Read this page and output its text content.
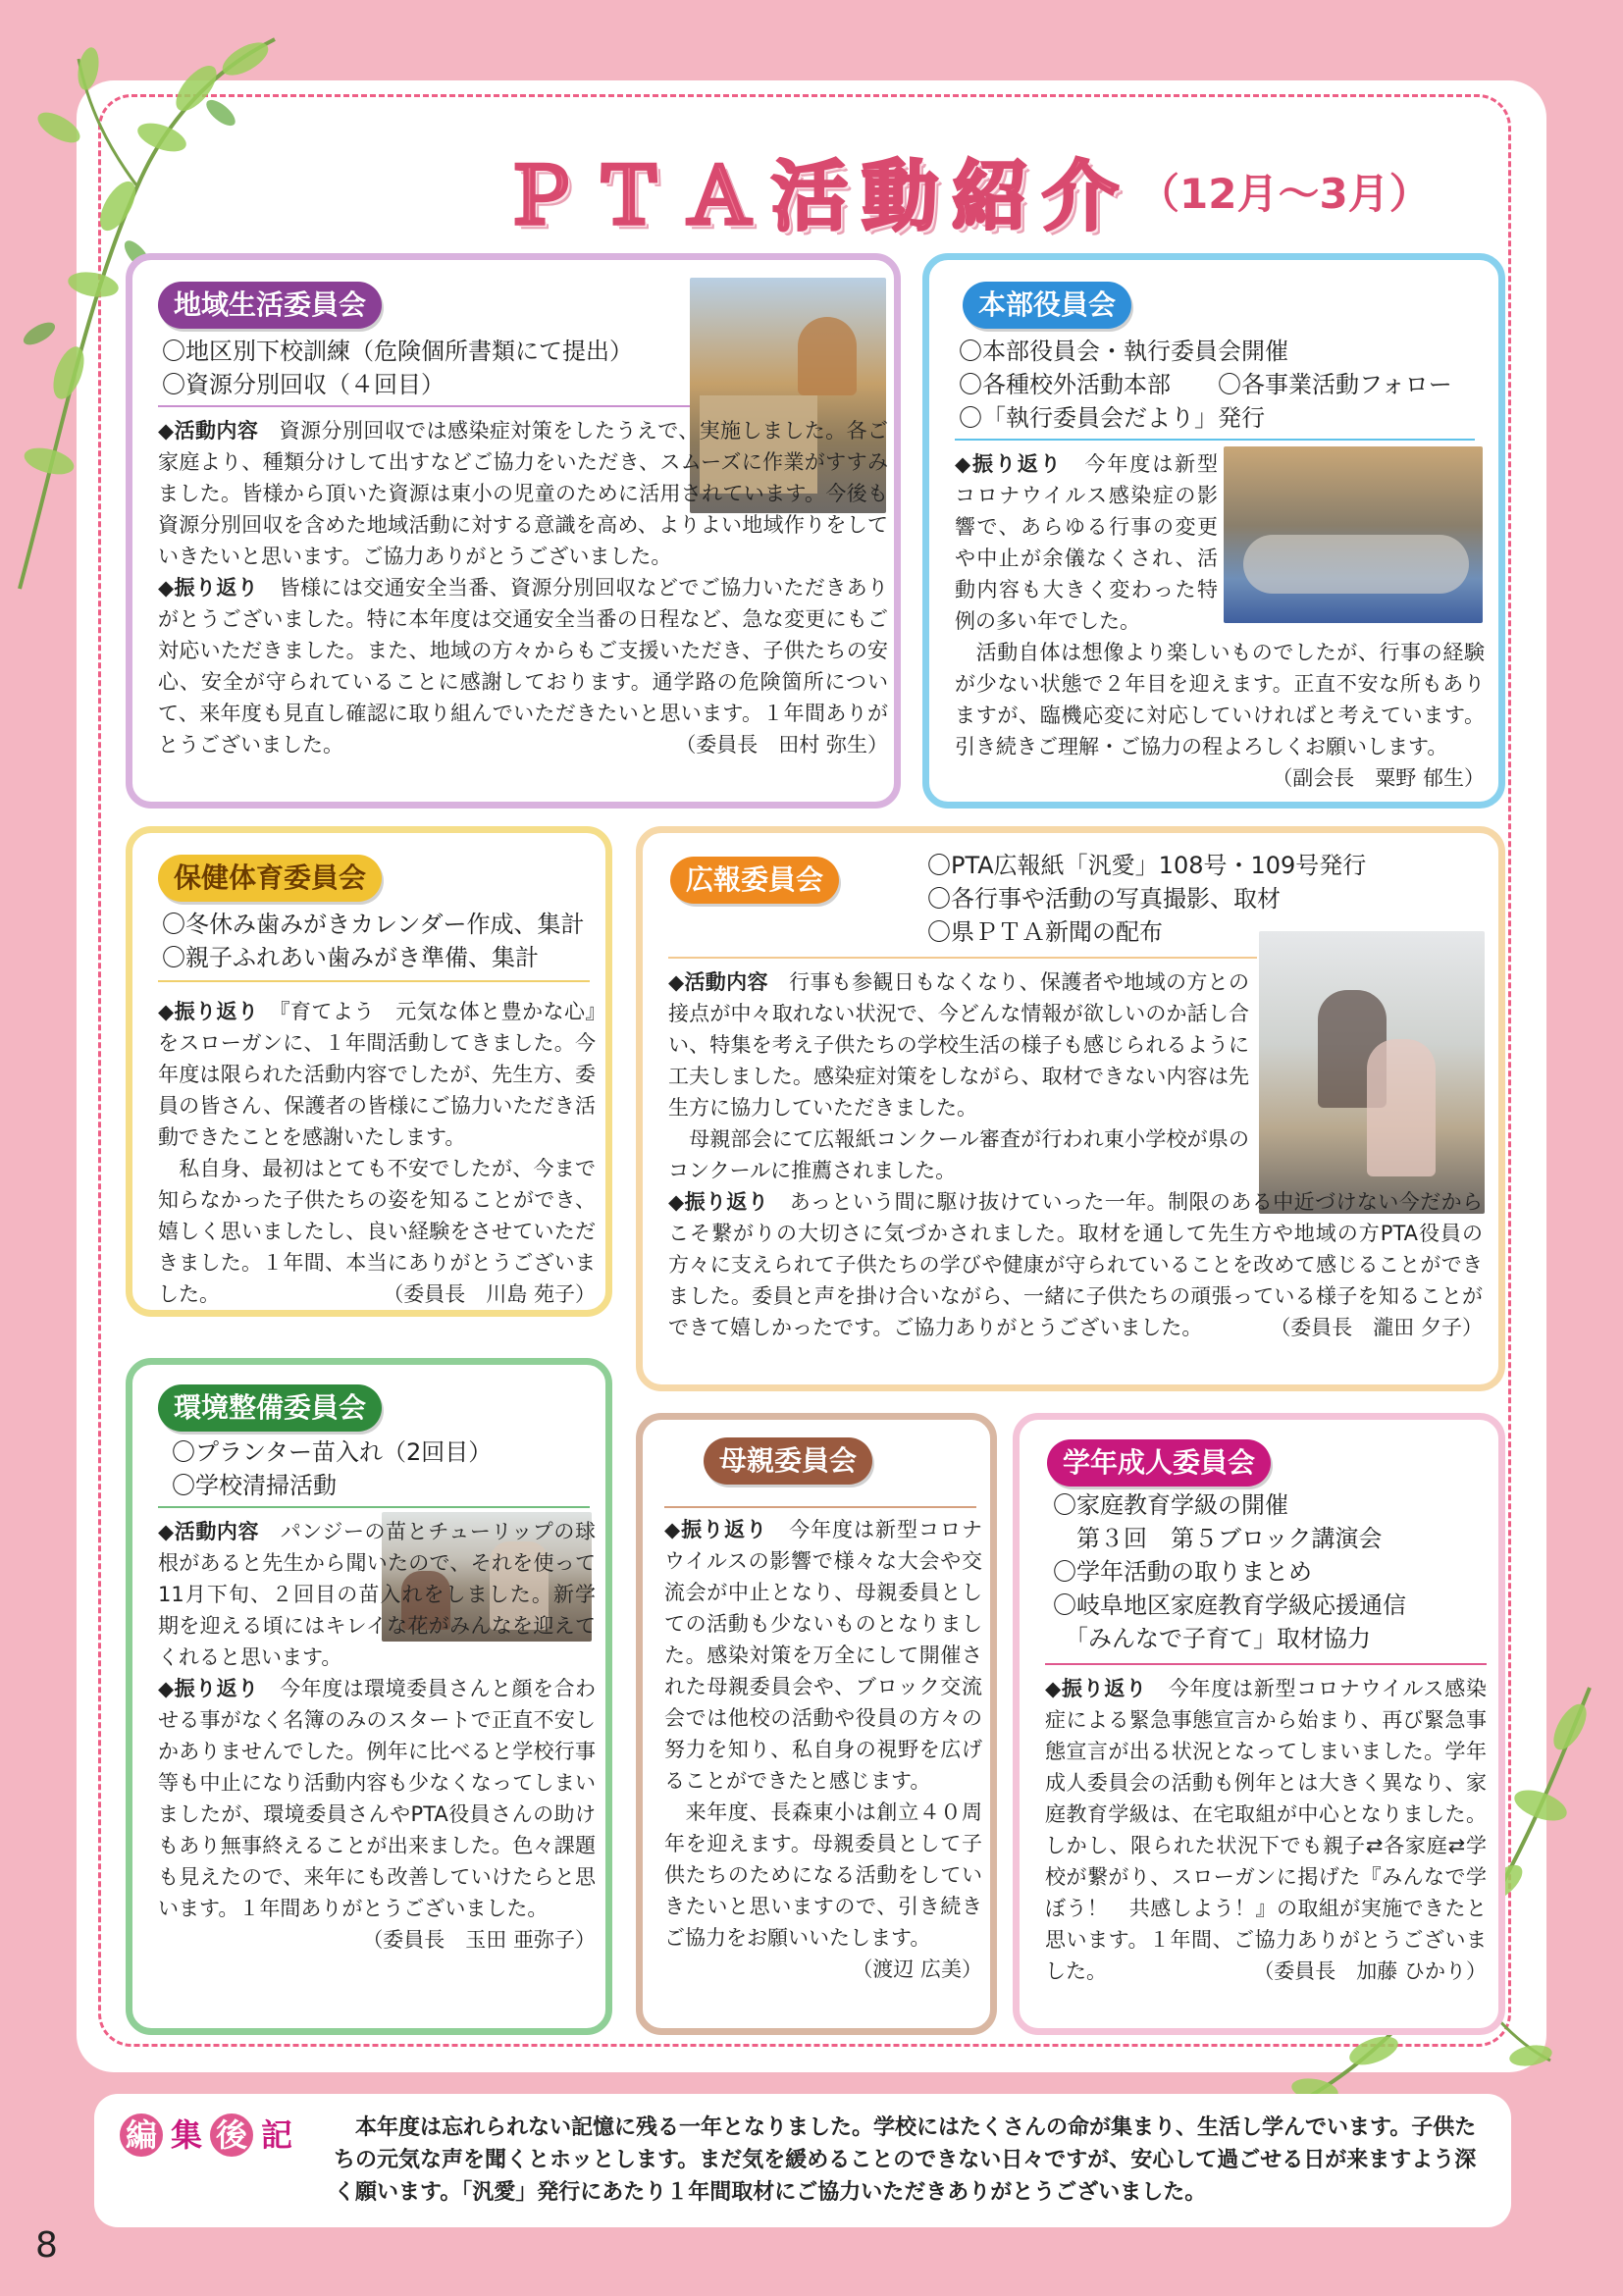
ＰＴＡ活動紹介 （12月～3月）
地域生活委員会
〇地区別下校訓練（危険個所書類にて提出）
〇資源分別回収（４回目）

◆活動内容　資源分別回収では感染症対策をしたうえで、実施しました。各ご家庭より、種類分けして出すなどご協力をいただき、スムーズに作業がすすみました。皆様から頂いた資源は東小の児童のために活用されています。今後も資源分別回収を含めた地域活動に対する意識を高め、よりよい地域作りをしていきたいと思います。ご協力ありがとうございました。

◆振り返り　皆様には交通安全当番、資源分別回収などでご協力いただきありがとうございました。特に本年度は交通安全当番の日程など、急な変更にもご対応いただきました。また、地域の方々からもご支援いただき、子供たちの安心、安全が守られていることに感謝しております。通学路の危険箇所について、来年度も見直し確認に取り組んでいただきたいと思います。１年間ありがとうございました。	（委員長　田村 弥生）

本部役員会
〇本部役員会・執行委員会開催
〇各種校外活動本部　　〇各事業活動フォロー
〇「執行委員会だより」発行

◆振り返り　今年度は新型コロナウイルス感染症の影響で、あらゆる行事の変更や中止が余儀なくされ、活動内容も大きく変わった特例の多い年でした。

　活動自体は想像より楽しいものでしたが、行事の経験が少ない状態で２年目を迎えます。正直不安な所もありますが、臨機応変に対応していければと考えています。引き続きご理解・ご協力の程よろしくお願いします。
（副会長　粟野 郁生）

保健体育委員会
〇冬休み歯みがきカレンダー作成、集計
〇親子ふれあい歯みがき準備、集計

◆振り返り　『育てよう　元気な体と豊かな心』をスローガンに、１年間活動してきました。今年度は限られた活動内容でしたが、先生方、委員の皆さん、保護者の皆様にご協力いただき活動できたことを感謝いたします。

　私自身、最初はとても不安でしたが、今まで知らなかった子供たちの姿を知ることができ、嬉しく思いましたし、良い経験をさせていただきました。１年間、本当にありがとうございました。	（委員長　川島 苑子）

広報委員会	〇PTA広報紙「汎愛」108号・109号発行
〇各行事や活動の写真撮影、取材
〇県ＰＴＡ新聞の配布

◆活動内容　行事も参観日もなくなり、保護者や地域の方との接点が中々取れない状況で、今どんな情報が欲しいのか話し合い、特集を考え子供たちの学校生活の様子も感じられるように工夫しました。感染症対策をしながら、取材できない内容は先生方に協力していただきました。

　母親部会にて広報紙コンクール審査が行われ東小学校が県のコンクールに推薦されました。

◆振り返り　あっという間に駆け抜けていった一年。制限のある中近づけない今だからこそ繋がりの大切さに気づかされました。取材を通して先生方や地域の方PTA役員の方々に支えられて子供たちの学びや健康が守られていることを改めて感じることができました。委員と声を掛け合いながら、一緒に子供たちの頑張っている様子を知ることができて嬉しかったです。ご協力ありがとうございました。	（委員長　瀧田 夕子）

環境整備委員会
〇プランター苗入れ（2回目）
〇学校清掃活動

◆活動内容　パンジーの苗とチューリップの球根があると先生から聞いたので、それを使って11月下旬、２回目の苗入れをしました。新学期を迎える頃にはキレイな花がみんなを迎えてくれると思います。

◆振り返り　今年度は環境委員さんと顔を合わせる事がなく名簿のみのスタートで正直不安しかありませんでした。例年に比べると学校行事等も中止になり活動内容も少なくなってしまいましたが、環境委員さんやPTA役員さんの助けもあり無事終えることが出来ました。色々課題も見えたので、来年にも改善していけたらと思います。１年間ありがとうございました。
（委員長　玉田 亜弥子）

母親委員会

◆振り返り　今年度は新型コロナウイルスの影響で様々な大会や交流会が中止となり、母親委員としての活動も少ないものとなりました。感染対策を万全にして開催された母親委員会や、ブロック交流会では他校の活動や役員の方々の努力を知り、私自身の視野を広げることができたと感じます。

　来年度、長森東小は創立４０周年を迎えます。母親委員として子供たちのためになる活動をしていきたいと思いますので、引き続きご協力をお願いいたします。
（渡辺 広美）

学年成人委員会
〇家庭教育学級の開催
　第３回　第５ブロック講演会
〇学年活動の取りまとめ
〇岐阜地区家庭教育学級応援通信
　「みんなで子育て」取材協力

◆振り返り　今年度は新型コロナウイルス感染症による緊急事態宣言から始まり、再び緊急事態宣言が出る状況となってしまいました。学年成人委員会の活動も例年とは大きく異なり、家庭教育学級は、在宅取組が中心となりました。しかし、限られた状況下でも親子⇄各家庭⇄学校が繋がり、スローガンに掲げた『みんなで学ぼう！　共感しよう！』の取組が実施できたと思います。１年間、ご協力ありがとうございました。	（委員長　加藤 ひかり）

編 集 後 記 　本年度は忘れられない記憶に残る一年となりました。学校にはたくさんの命が集まり、生活し学んでいます。子供たちの元気な声を聞くとホッとします。まだ気を緩めることのできない日々ですが、安心して過ごせる日が来ますよう深く願います。「汎愛」発行にあたり１年間取材にご協力いただきありがとうございました。
8
